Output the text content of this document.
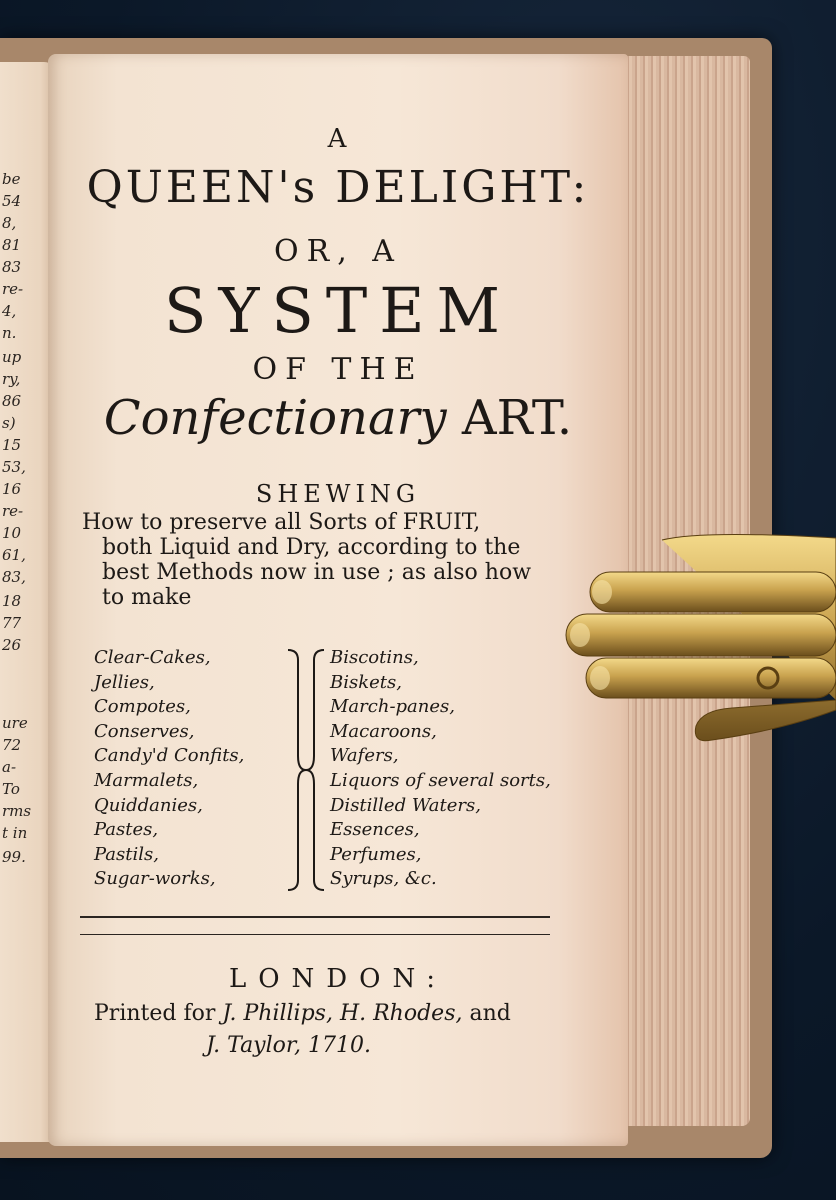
be
54
8,
81
83
re-
4,
n.
up
ry,
86
s)
15
53,
16
re-
10
61,
83,
18
77
26
ure
72
a-
To
rms
t in
99.
A
QUEEN's DELIGHT:
OR, A
SYSTEM
OF THE
Confectionary ART.
SHEWING
How to preserve all Sorts of FRUIT,
both Liquid and Dry, according to the
best Methods now in use ; as also how
to make
Clear-Cakes,
Jellies,
Compotes,
Conserves,
Candy'd Confits,
Marmalets,
Quiddanies,
Pastes,
Pastils,
Sugar-works,
Biscotins,
Biskets,
March-panes,
Macaroons,
Wafers,
Liquors of several sorts,
Distilled Waters,
Essences,
Perfumes,
Syrups, &c.
LONDON:
Printed for J. Phillips, H. Rhodes, and
J. Taylor, 1710.
